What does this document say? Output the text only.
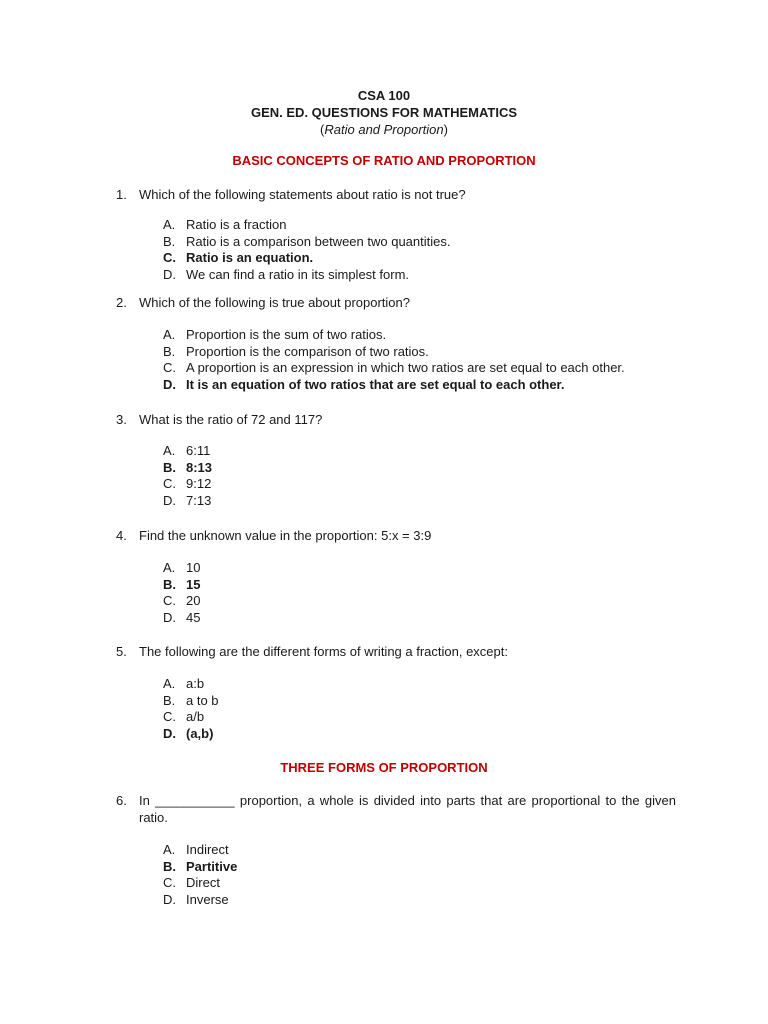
CSA 100
GEN. ED. QUESTIONS FOR MATHEMATICS
(Ratio and Proportion)
BASIC CONCEPTS OF RATIO AND PROPORTION
1. Which of the following statements about ratio is not true?
A. Ratio is a fraction
B. Ratio is a comparison between two quantities.
C. Ratio is an equation.
D. We can find a ratio in its simplest form.
2. Which of the following is true about proportion?
A. Proportion is the sum of two ratios.
B. Proportion is the comparison of two ratios.
C. A proportion is an expression in which two ratios are set equal to each other.
D. It is an equation of two ratios that are set equal to each other.
3. What is the ratio of 72 and 117?
A. 6:11
B. 8:13
C. 9:12
D. 7:13
4. Find the unknown value in the proportion: 5:x = 3:9
A. 10
B. 15
C. 20
D. 45
5. The following are the different forms of writing a fraction, except:
A. a:b
B. a to b
C. a/b
D. (a,b)
THREE FORMS OF PROPORTION
6. In ___________ proportion, a whole is divided into parts that are proportional to the given ratio.
A. Indirect
B. Partitive
C. Direct
D. Inverse
